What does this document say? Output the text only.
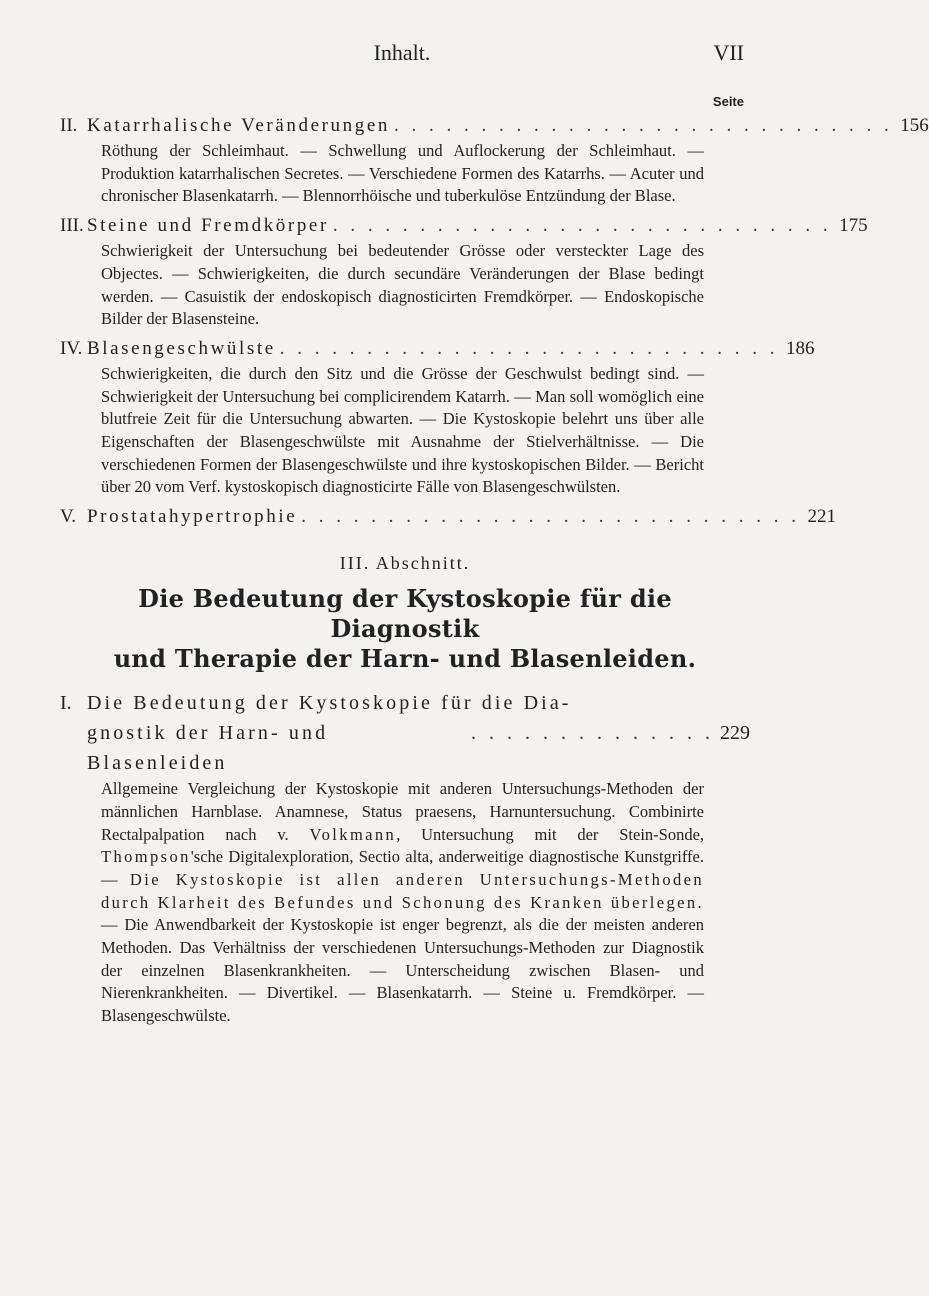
Inhalt.	VII
Seite
II. Katarrhalische Veränderungen . . . . . . . . . . . . . . . . . . . . . . . . . . . . . 156
Röthung der Schleimhaut. — Schwellung und Auflockerung der Schleimhaut. — Produktion katarrhalischen Secretes. — Verschiedene Formen des Katarrhs. — Acuter und chronischer Blasenkatarrh. — Blennorrhöische und tuberkulöse Entzündung der Blase.
III. Steine und Fremdkörper . . . . . . . . . . . . . . . . . . . . . . . . . . . . . 175
Schwierigkeit der Untersuchung bei bedeutender Grösse oder versteckter Lage des Objectes. — Schwierigkeiten, die durch secundäre Veränderungen der Blase bedingt werden. — Casuistik der endoskopisch diagnosticirten Fremdkörper. — Endoskopische Bilder der Blasensteine.
IV. Blasengeschwülste . . . . . . . . . . . . . . . . . . . . . . . . . . . . . 186
Schwierigkeiten, die durch den Sitz und die Grösse der Geschwulst bedingt sind. — Schwierigkeit der Untersuchung bei complicirendem Katarrh. — Man soll womöglich eine blutfreie Zeit für die Untersuchung abwarten. — Die Kystoskopie belehrt uns über alle Eigenschaften der Blasengeschwülste mit Ausnahme der Stielverhältnisse. — Die verschiedenen Formen der Blasengeschwülste und ihre kystoskopischen Bilder. — Bericht über 20 vom Verf. kystoskopisch diagnosticirte Fälle von Blasengeschwülsten.
V. Prostatahypertrophie . . . . . . . . . . . . . . . . . . . . . . . . . . . . . 221
III. Abschnitt.
Die Bedeutung der Kystoskopie für die Diagnostik
und Therapie der Harn- und Blasenleiden.
I. Die Bedeutung der Kystoskopie für die Dia-
gnostik der Harn- und Blasenleiden
. . . . . . . . . . . . . . 229
Allgemeine Vergleichung der Kystoskopie mit anderen Untersuchungs-Methoden der männlichen Harnblase. Anamnese, Status praesens, Harnuntersuchung. Combinirte Rectalpalpation nach v. Volkmann, Untersuchung mit der Stein-Sonde, Thompson'sche Digitalexploration, Sectio alta, anderweitige diagnostische Kunstgriffe. — Die Kystoskopie ist allen anderen Untersuchungs-Methoden durch Klarheit des Befundes und Schonung des Kranken überlegen. — Die Anwendbarkeit der Kystoskopie ist enger begrenzt, als die der meisten anderen Methoden. Das Verhältniss der verschiedenen Untersuchungs-Methoden zur Diagnostik der einzelnen Blasenkrankheiten. — Unterscheidung zwischen Blasen- und Nierenkrankheiten. — Divertikel. — Blasenkatarrh. — Steine u. Fremdkörper. — Blasengeschwülste.
